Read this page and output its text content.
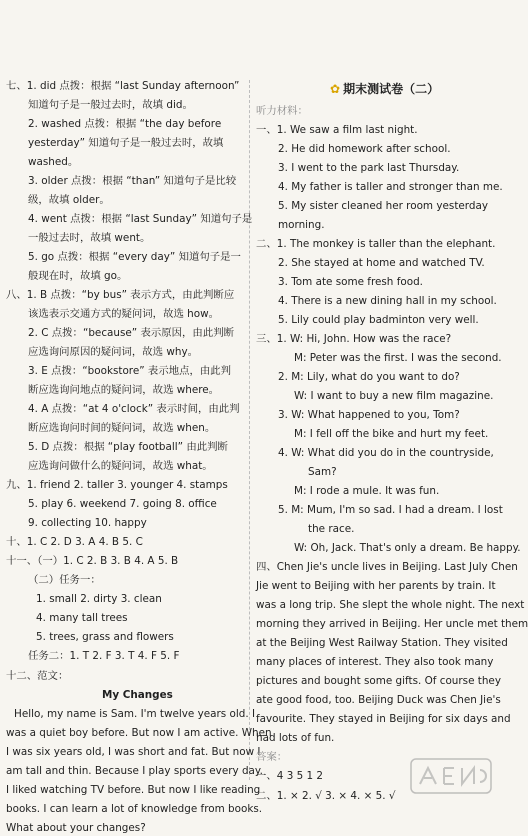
✿ 期末测试卷（二）
七、1. did 点拨：根据 “last Sunday afternoon”
知道句子是一般过去时，故填 did。
2. washed 点拨：根据 “the day before
yesterday” 知道句子是一般过去时，故填
washed。
3. older 点拨：根据 “than” 知道句子是比较
级，故填 older。
4. went 点拨：根据 “last Sunday” 知道句子是
一般过去时，故填 went。
5. go 点拨：根据 “every day” 知道句子是一
般现在时，故填 go。
八、1. B 点拨：“by bus” 表示方式，由此判断应
该选表示交通方式的疑问词，故选 how。
2. C 点拨：“because” 表示原因，由此判断
应选询问原因的疑问词，故选 why。
3. E 点拨：“bookstore” 表示地点，由此判
断应选询问地点的疑问词，故选 where。
4. A 点拨：“at 4 o'clock” 表示时间，由此判
断应选询问时间的疑问词，故选 when。
5. D 点拨：根据 “play football” 由此判断
应选询问做什么的疑问词，故选 what。
九、1. friend 2. taller 3. younger 4. stamps
5. play 6. weekend 7. going 8. office
9. collecting 10. happy
十、1. C 2. D 3. A 4. B 5. C
十一、（一）1. C 2. B 3. B 4. A 5. B
（二）任务一：
1. small 2. dirty 3. clean
4. many tall trees
5. trees, grass and flowers
任务二：1. T 2. F 3. T 4. F 5. F
十二、范文：
My Changes
Hello, my name is Sam. I'm twelve years old. I
was a quiet boy before. But now I am active. When
I was six years old, I was short and fat. But now I
am tall and thin. Because I play sports every day.
I liked watching TV before. But now I like reading
books. I can learn a lot of knowledge from books.
What about your changes?
听力材料：
一、1. We saw a film last night.
2. He did homework after school.
3. I went to the park last Thursday.
4. My father is taller and stronger than me.
5. My sister cleaned her room yesterday
morning.
二、1. The monkey is taller than the elephant.
2. She stayed at home and watched TV.
3. Tom ate some fresh food.
4. There is a new dining hall in my school.
5. Lily could play badminton very well.
三、1. W: Hi, John. How was the race?
M: Peter was the first. I was the second.
2. M: Lily, what do you want to do?
W: I want to buy a new film magazine.
3. W: What happened to you, Tom?
M: I fell off the bike and hurt my feet.
4. W: What did you do in the countryside,
Sam?
M: I rode a mule. It was fun.
5. M: Mum, I'm so sad. I had a dream. I lost
the race.
W: Oh, Jack. That's only a dream. Be happy.
四、Chen Jie's uncle lives in Beijing. Last July Chen
Jie went to Beijing with her parents by train. It
was a long trip. She slept the whole night. The next
morning they arrived in Beijing. Her uncle met them
at the Beijing West Railway Station. They visited
many places of interest. They also took many
pictures and bought some gifts. Of course they
ate good food, too. Beijing Duck was Chen Jie's
favourite. They stayed in Beijing for six days and
had lots of fun.
答案：
一、4 3 5 1 2
二、1. × 2. √ 3. × 4. × 5. √
